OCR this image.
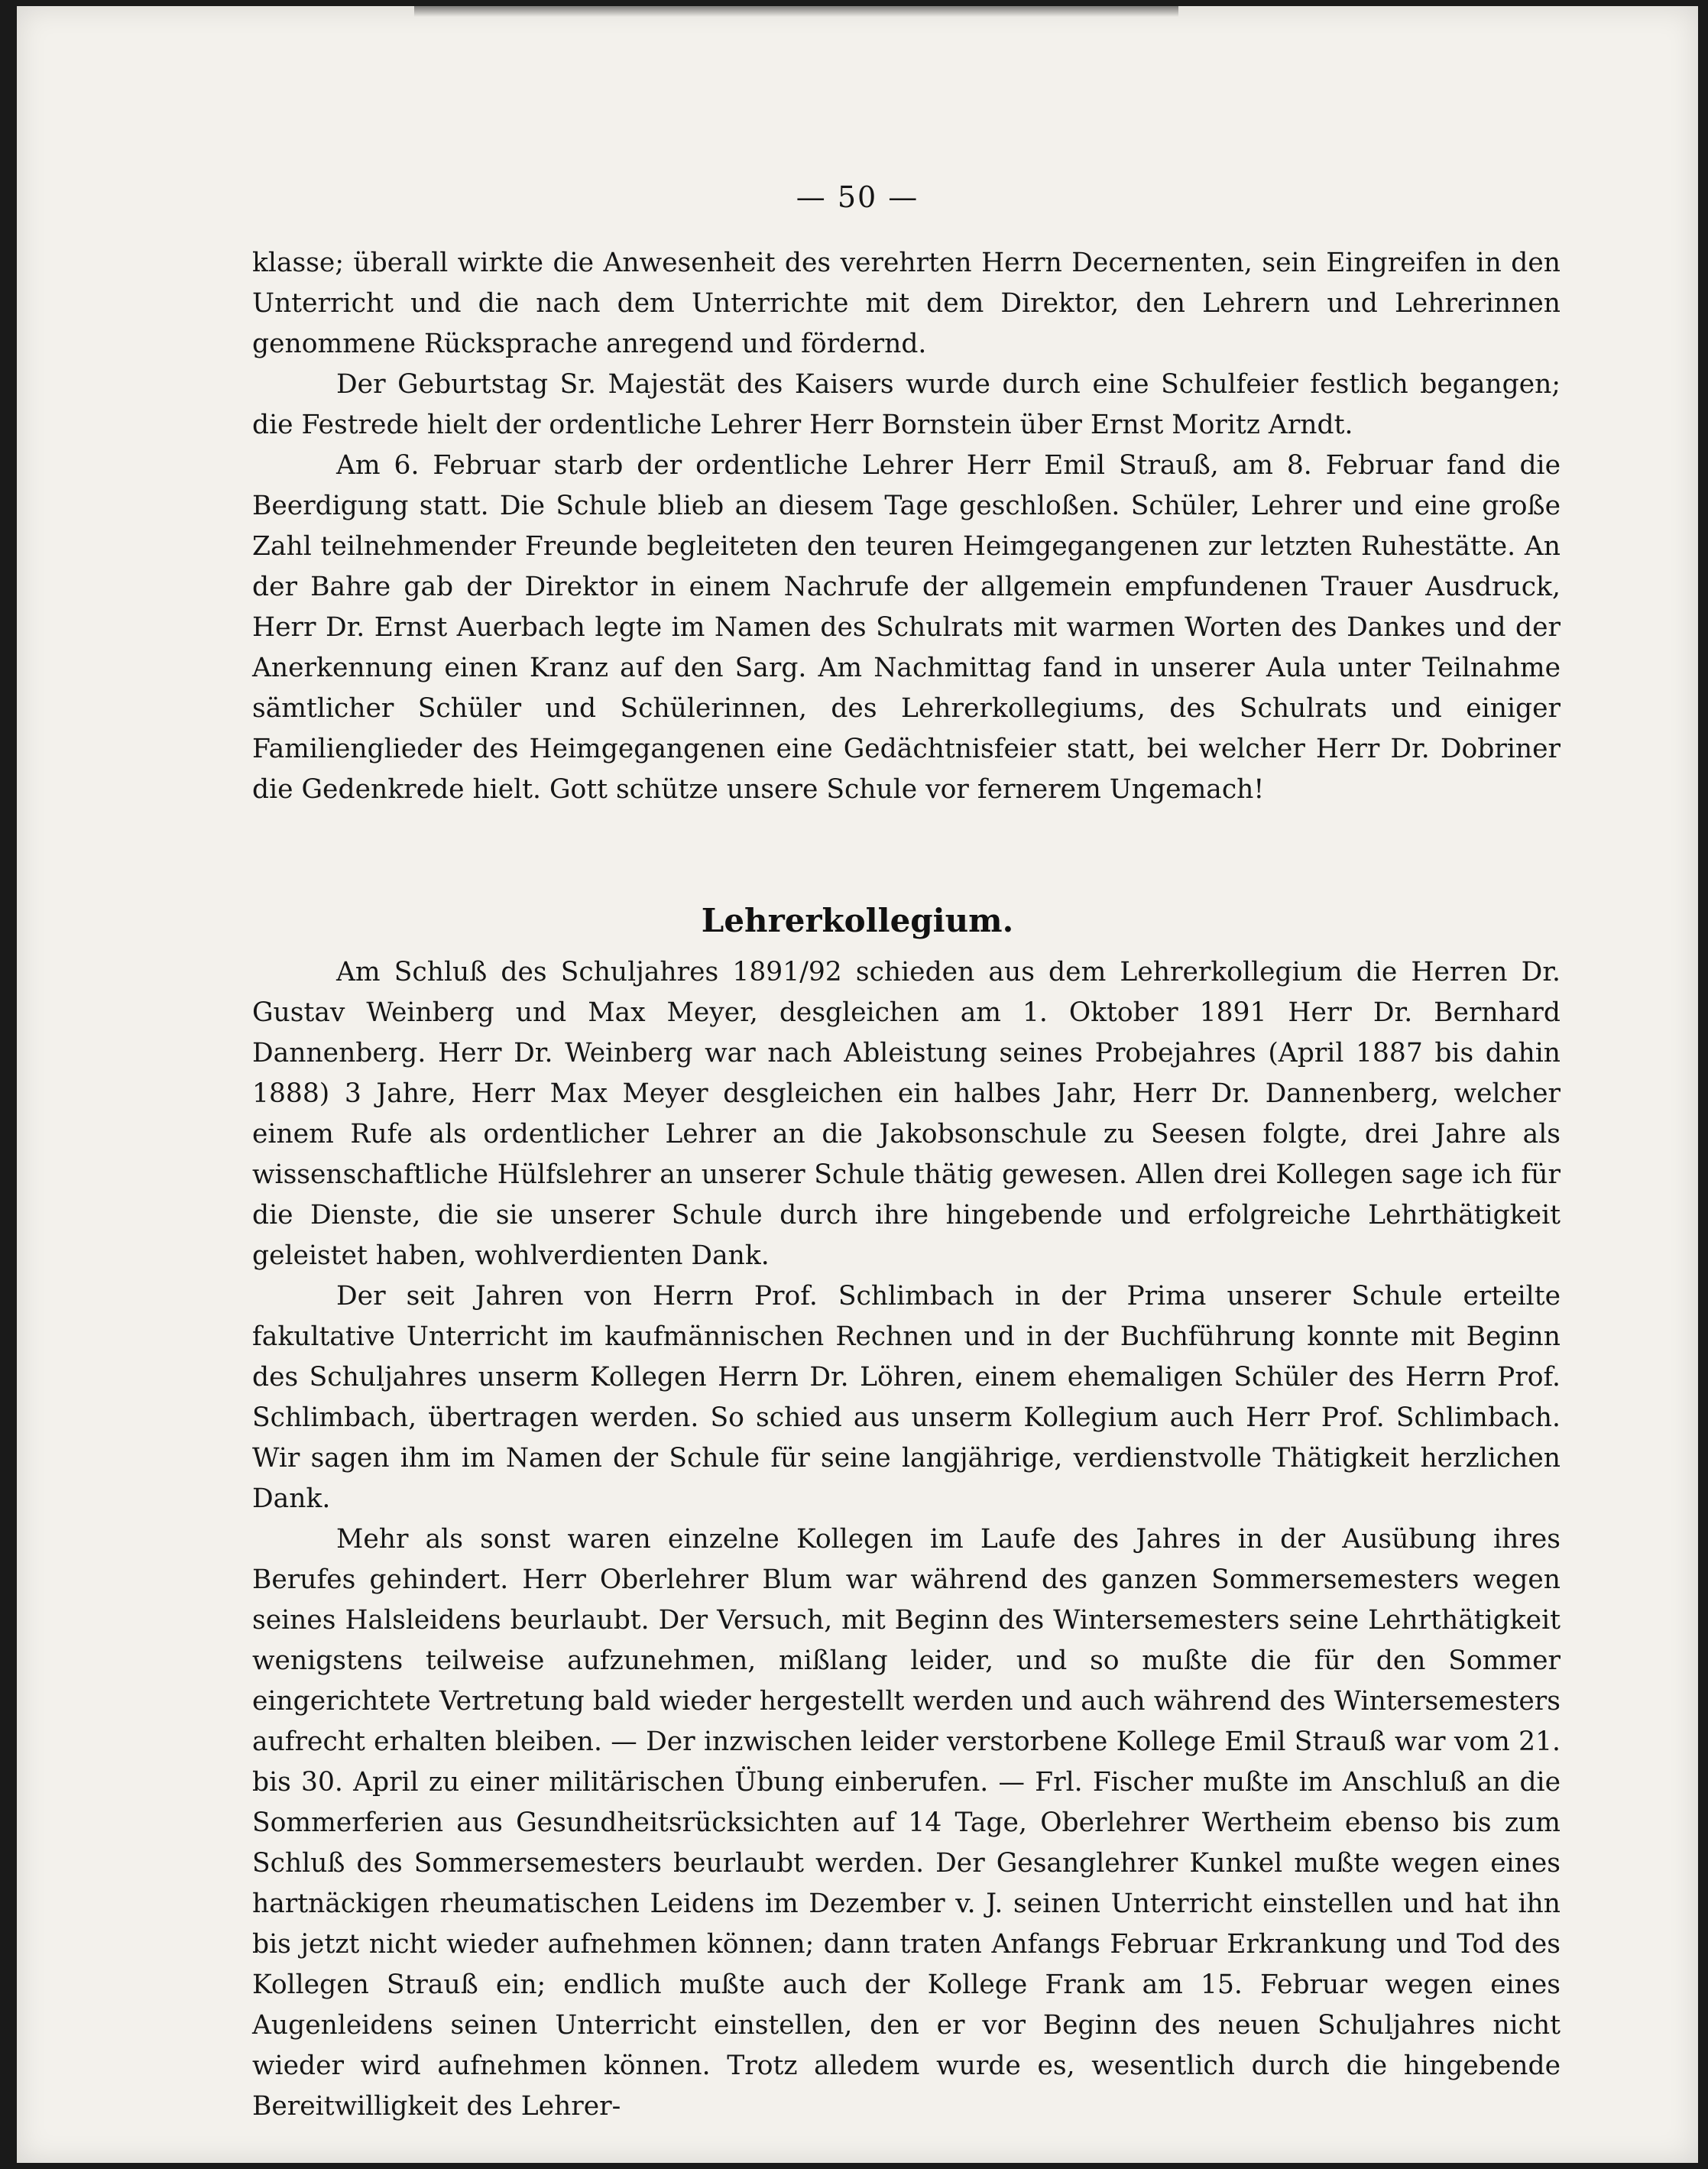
— 50 —

klasse; überall wirkte die Anwesenheit des verehrten Herrn Decernenten, sein Eingreifen in den Unterricht und die nach dem Unterrichte mit dem Direktor, den Lehrern und Lehrerinnen genommene Rücksprache anregend und fördernd.

Der Geburtstag Sr. Majestät des Kaisers wurde durch eine Schulfeier festlich begangen; die Festrede hielt der ordentliche Lehrer Herr Bornstein über Ernst Moritz Arndt.

Am 6. Februar starb der ordentliche Lehrer Herr Emil Strauß, am 8. Februar fand die Beerdigung statt. Die Schule blieb an diesem Tage geschloßen. Schüler, Lehrer und eine große Zahl teilnehmender Freunde begleiteten den teuren Heimgegangenen zur letzten Ruhestätte. An der Bahre gab der Direktor in einem Nachrufe der allgemein empfundenen Trauer Ausdruck, Herr Dr. Ernst Auerbach legte im Namen des Schulrats mit warmen Worten des Dankes und der Anerkennung einen Kranz auf den Sarg. Am Nachmittag fand in unserer Aula unter Teilnahme sämtlicher Schüler und Schülerinnen, des Lehrerkollegiums, des Schulrats und einiger Familienglieder des Heimgegangenen eine Gedächtnisfeier statt, bei welcher Herr Dr. Dobriner die Gedenkrede hielt. Gott schütze unsere Schule vor fernerem Ungemach!

Lehrerkollegium.

Am Schluß des Schuljahres 1891/92 schieden aus dem Lehrerkollegium die Herren Dr. Gustav Weinberg und Max Meyer, desgleichen am 1. Oktober 1891 Herr Dr. Bernhard Dannenberg. Herr Dr. Weinberg war nach Ableistung seines Probejahres (April 1887 bis dahin 1888) 3 Jahre, Herr Max Meyer desgleichen ein halbes Jahr, Herr Dr. Dannenberg, welcher einem Rufe als ordentlicher Lehrer an die Jakobsonschule zu Seesen folgte, drei Jahre als wissenschaftliche Hülfslehrer an unserer Schule thätig gewesen. Allen drei Kollegen sage ich für die Dienste, die sie unserer Schule durch ihre hingebende und erfolgreiche Lehrthätigkeit geleistet haben, wohlverdienten Dank.

Der seit Jahren von Herrn Prof. Schlimbach in der Prima unserer Schule erteilte fakultative Unterricht im kaufmännischen Rechnen und in der Buchführung konnte mit Beginn des Schuljahres unserm Kollegen Herrn Dr. Löhren, einem ehemaligen Schüler des Herrn Prof. Schlimbach, übertragen werden. So schied aus unserm Kollegium auch Herr Prof. Schlimbach. Wir sagen ihm im Namen der Schule für seine langjährige, verdienstvolle Thätigkeit herzlichen Dank.

Mehr als sonst waren einzelne Kollegen im Laufe des Jahres in der Ausübung ihres Berufes gehindert. Herr Oberlehrer Blum war während des ganzen Sommersemesters wegen seines Halsleidens beurlaubt. Der Versuch, mit Beginn des Wintersemesters seine Lehrthätigkeit wenigstens teilweise aufzunehmen, mißlang leider, und so mußte die für den Sommer eingerichtete Vertretung bald wieder hergestellt werden und auch während des Wintersemesters aufrecht erhalten bleiben. — Der inzwischen leider verstorbene Kollege Emil Strauß war vom 21. bis 30. April zu einer militärischen Übung einberufen. — Frl. Fischer mußte im Anschluß an die Sommerferien aus Gesundheitsrücksichten auf 14 Tage, Oberlehrer Wertheim ebenso bis zum Schluß des Sommersemesters beurlaubt werden. Der Gesanglehrer Kunkel mußte wegen eines hartnäckigen rheumatischen Leidens im Dezember v. J. seinen Unterricht einstellen und hat ihn bis jetzt nicht wieder aufnehmen können; dann traten Anfangs Februar Erkrankung und Tod des Kollegen Strauß ein; endlich mußte auch der Kollege Frank am 15. Februar wegen eines Augenleidens seinen Unterricht einstellen, den er vor Beginn des neuen Schuljahres nicht wieder wird aufnehmen können. Trotz alledem wurde es, wesentlich durch die hingebende Bereitwilligkeit des Lehrer-
